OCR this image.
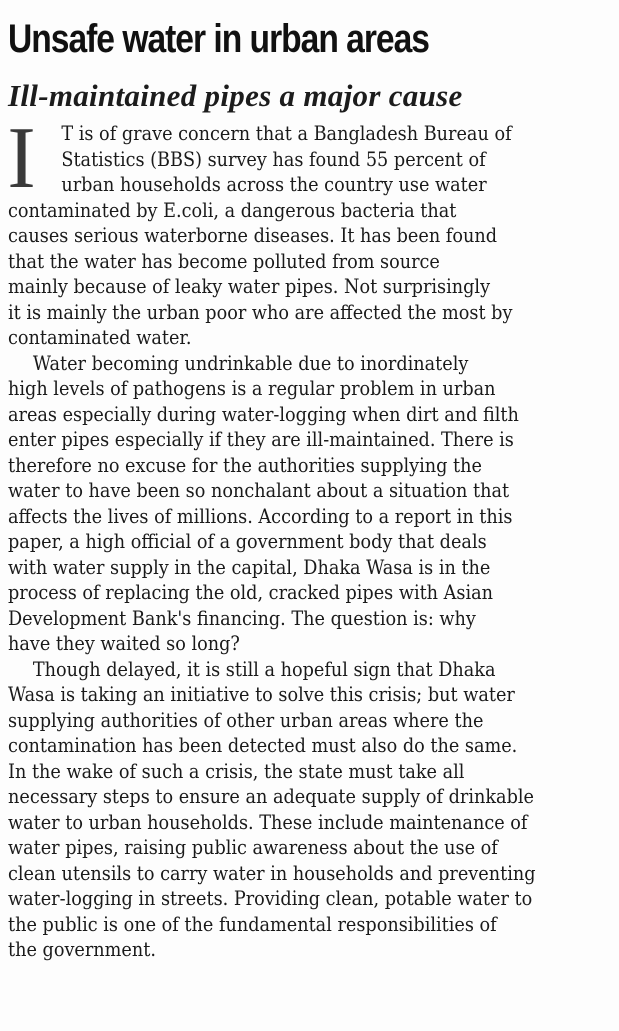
Unsafe water in urban areas
Ill-maintained pipes a major cause
I	T is of grave concern that a Bangladesh Bureau of
Statistics (BBS) survey has found 55 percent of
urban households across the country use water
contaminated by E.coli, a dangerous bacteria that
causes serious waterborne diseases. It has been found
that the water has become polluted from source
mainly because of leaky water pipes. Not surprisingly
it is mainly the urban poor who are affected the most by
contaminated water.

Water becoming undrinkable due to inordinately
high levels of pathogens is a regular problem in urban
areas especially during water-logging when dirt and filth
enter pipes especially if they are ill-maintained. There is
therefore no excuse for the authorities supplying the
water to have been so nonchalant about a situation that
affects the lives of millions. According to a report in this
paper, a high official of a government body that deals
with water supply in the capital, Dhaka Wasa is in the
process of replacing the old, cracked pipes with Asian
Development Bank's financing. The question is: why
have they waited so long?

Though delayed, it is still a hopeful sign that Dhaka
Wasa is taking an initiative to solve this crisis; but water
supplying authorities of other urban areas where the
contamination has been detected must also do the same.
In the wake of such a crisis, the state must take all
necessary steps to ensure an adequate supply of drinkable
water to urban households. These include maintenance of
water pipes, raising public awareness about the use of
clean utensils to carry water in households and preventing
water-logging in streets. Providing clean, potable water to
the public is one of the fundamental responsibilities of
the government.
